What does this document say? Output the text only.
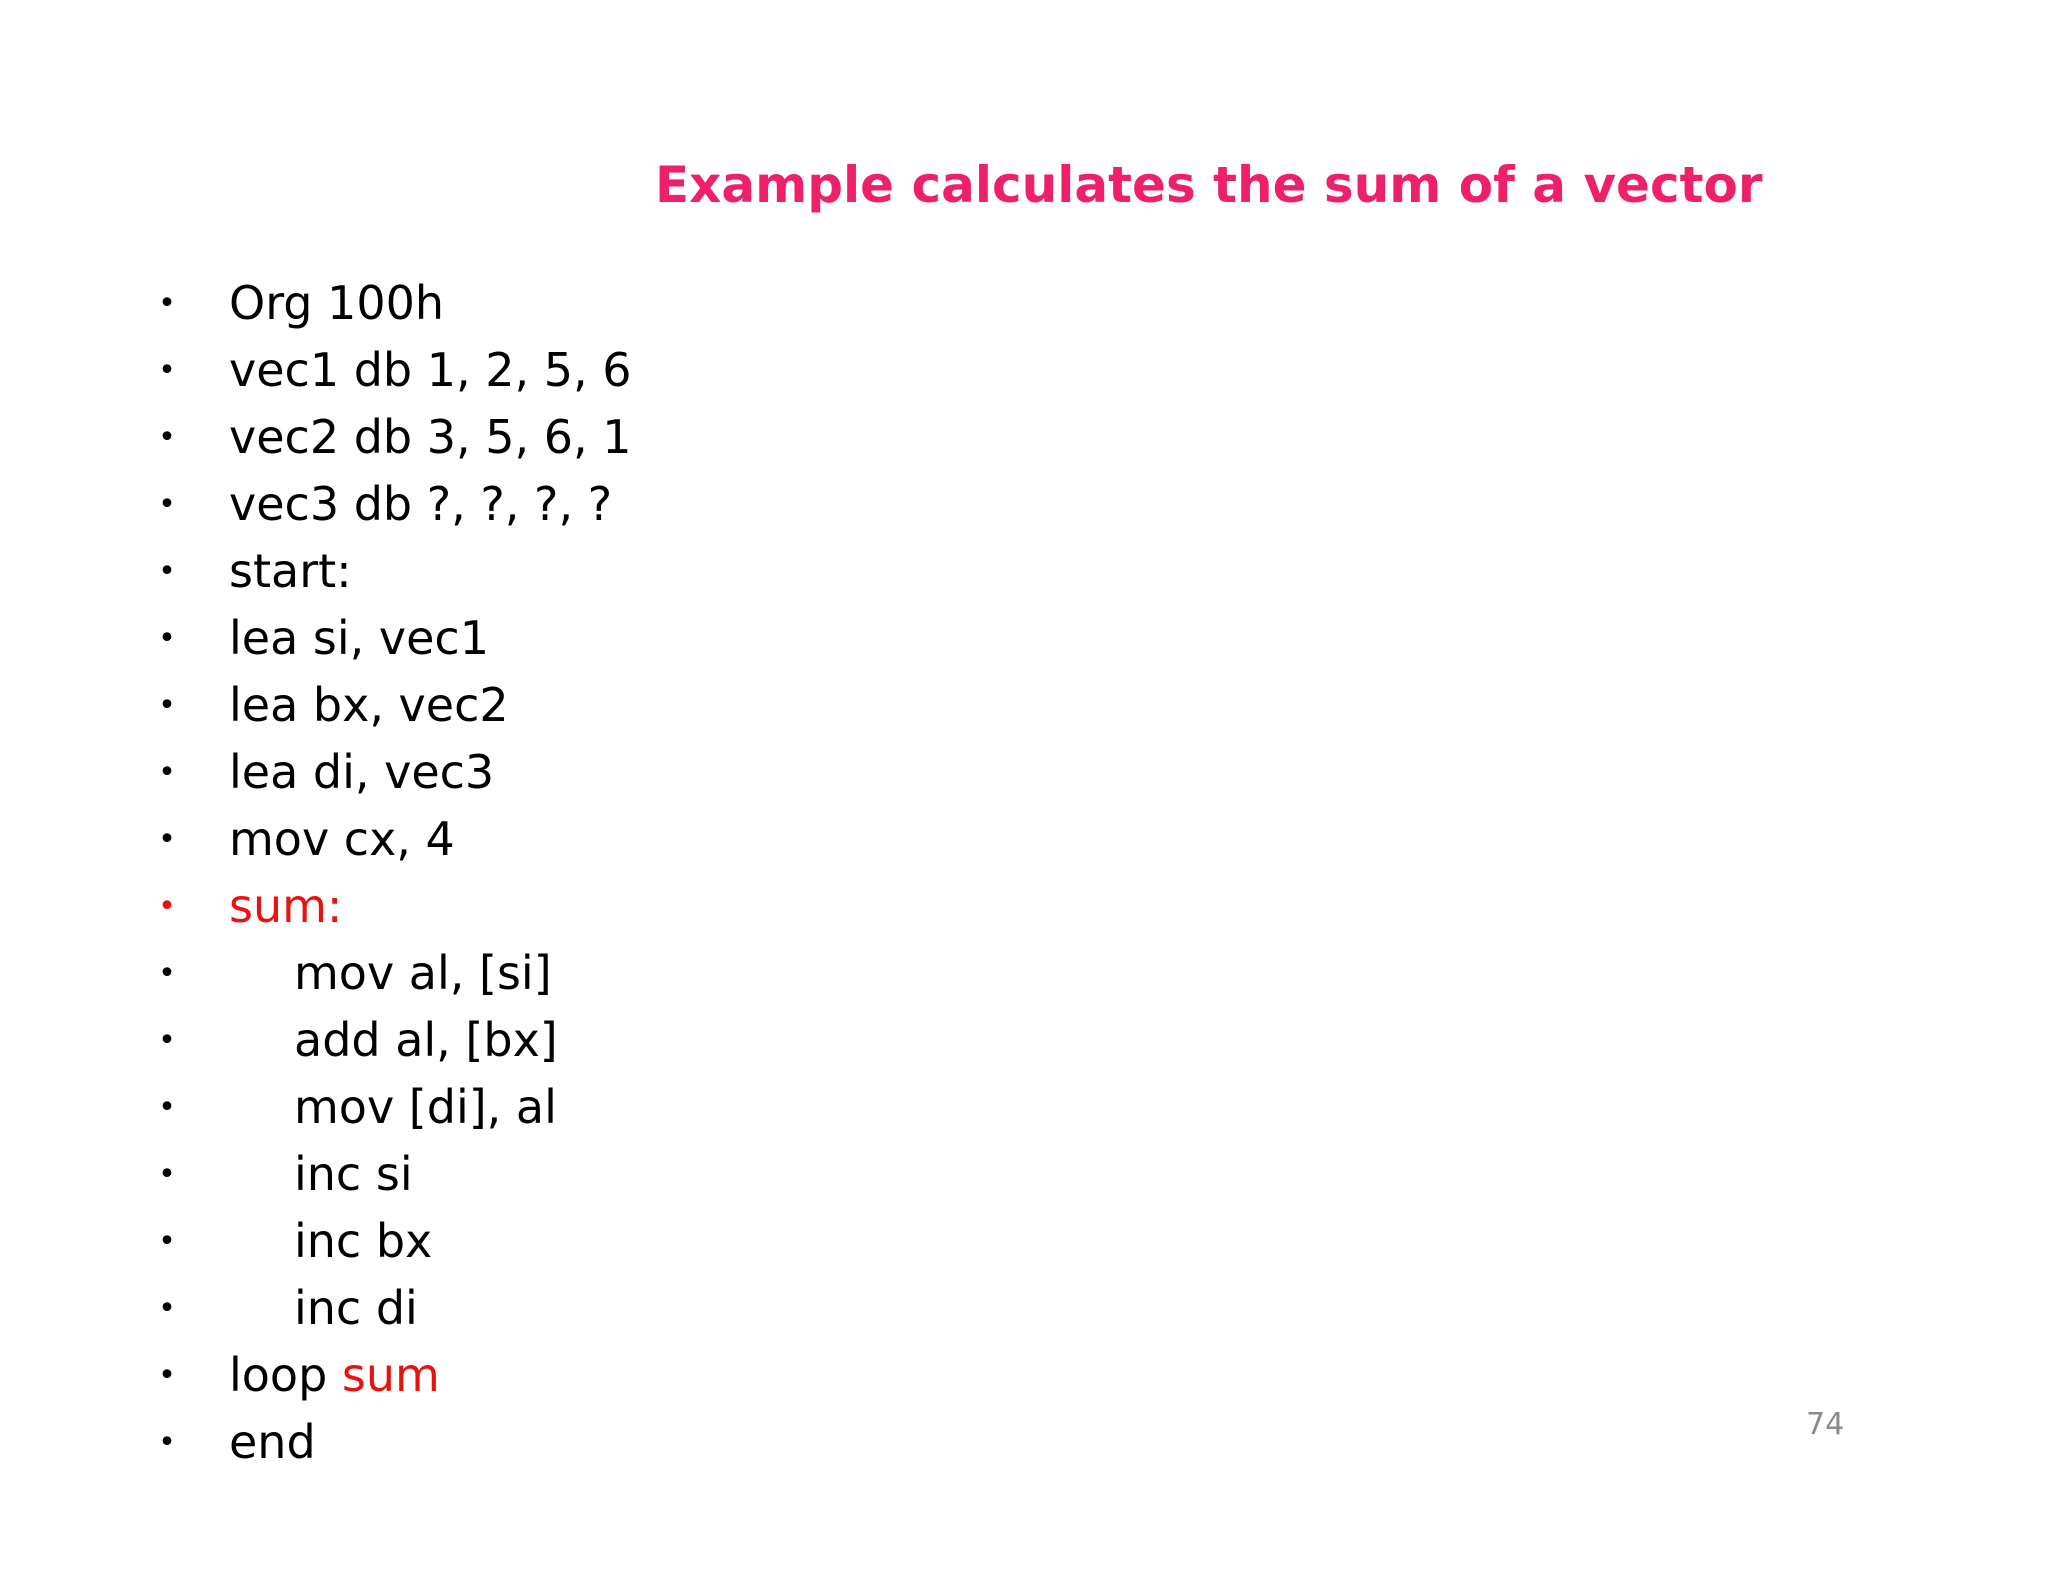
Example calculates the sum of a vector
• Org 100h
• vec1 db 1, 2, 5, 6
• vec2 db 3, 5, 6, 1
• vec3 db ?, ?, ?, ?
• start:
• lea si, vec1
• lea bx, vec2
• lea di, vec3
• mov cx, 4
• sum:
•	mov al, [si]
•	add al, [bx]
•	mov [di], al
•	inc si
•	inc bx
•	inc di
• loop sum
• end	74
